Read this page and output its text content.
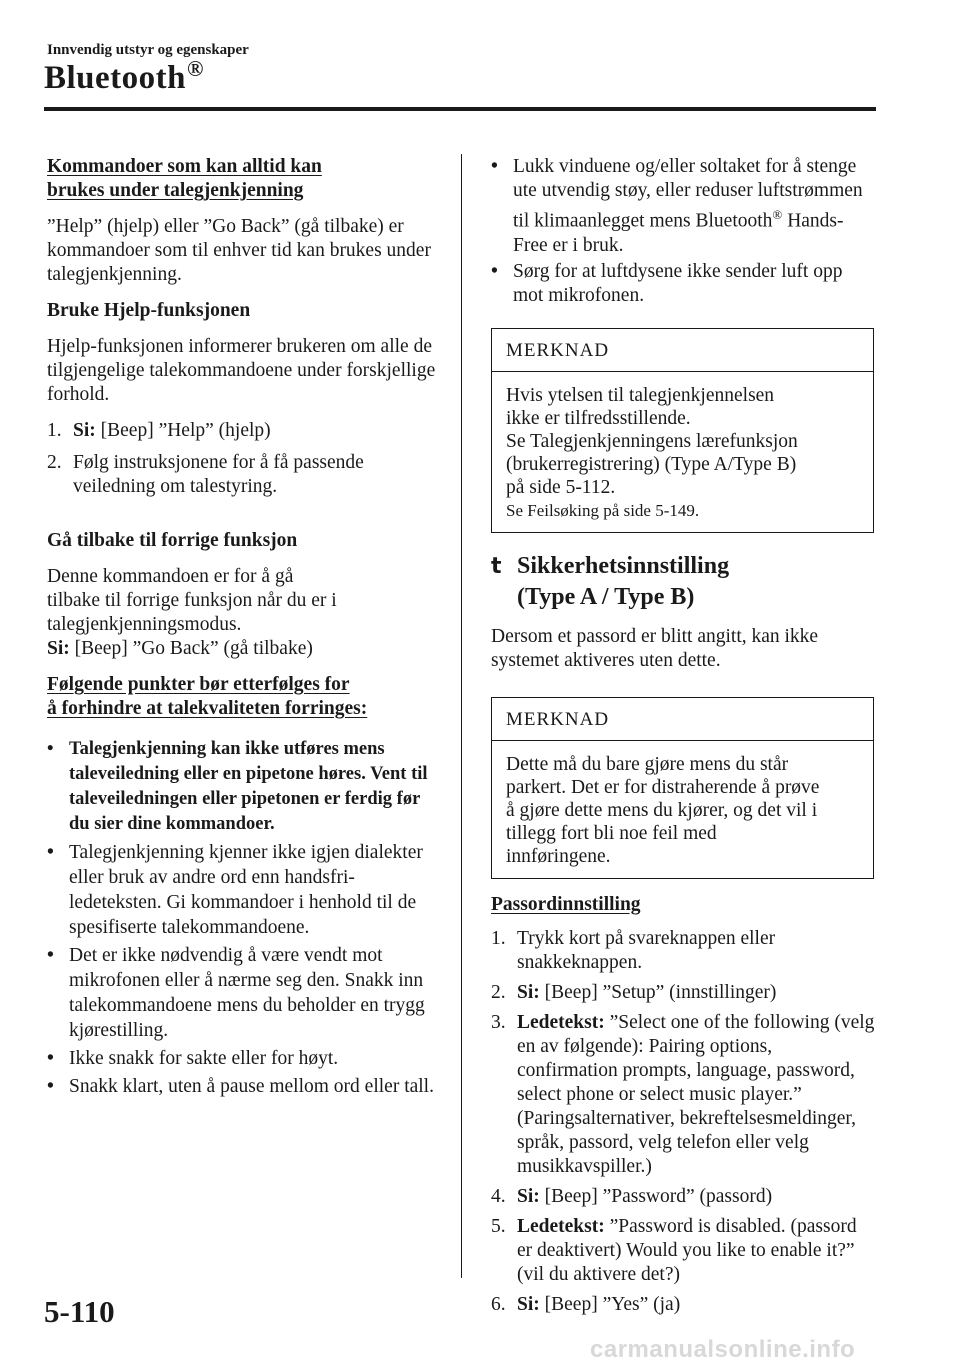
Innvendig utstyr og egenskaper
Bluetooth®

Kommandoer som kan alltid kan
brukes under talegjenkjenning

”Help” (hjelp) eller ”Go Back” (gå tilbake) er kommandoer som til enhver tid kan brukes under talegjenkjenning.

Bruke Hjelp-funksjonen

Hjelp-funksjonen informerer brukeren om alle de tilgjengelige talekommandoene under forskjellige forhold.

1. Si: [Beep] ”Help” (hjelp)
2. Følg instruksjonene for å få passende veiledning om talestyring.

Gå tilbake til forrige funksjon

Denne kommandoen er for å gå tilbake til forrige funksjon når du er i talegjenkjenningsmodus.

Si: [Beep] ”Go Back” (gå tilbake)

Følgende punkter bør etterfølges for
å forhindre at talekvaliteten forringes:

• Talegjenkjenning kan ikke utføres mens taleveiledning eller en pipetone høres. Vent til taleveiledningen eller pipetonen er ferdig før du sier dine kommandoer.
• Talegjenkjenning kjenner ikke igjen dialekter eller bruk av andre ord enn handsfri-ledeteksten. Gi kommandoer i henhold til de spesifiserte talekommandoene.
• Det er ikke nødvendig å være vendt mot mikrofonen eller å nærme seg den. Snakk inn talekommandoene mens du beholder en trygg kjørestilling.
• Ikke snakk for sakte eller for høyt.
• Snakk klart, uten å pause mellom ord eller tall.
• Lukk vinduene og/eller soltaket for å stenge ute utvendig støy, eller reduser luftstrømmen til klimaanlegget mens Bluetooth® Hands-Free er i bruk.
• Sørg for at luftdysene ikke sender luft opp mot mikrofonen.
MERKNAD
Hvis ytelsen til talegjenkjennelsen
ikke er tilfredsstillende.
Se Talegjenkjenningens lærefunksjon
(brukerregistrering) (Type A/Type B)
på side 5-112.
Se Feilsøking på side 5-149.
t Sikkerhetsinnstilling
(Type A / Type B)

Dersom et passord er blitt angitt, kan ikke systemet aktiveres uten dette.

MERKNAD
Dette må du bare gjøre mens du står parkert. Det er for distraherende å prøve å gjøre dette mens du kjører, og det vil i tillegg fort bli noe feil med innføringene.

Passordinnstilling

1. Trykk kort på svareknappen eller snakkeknappen.
2. Si: [Beep] ”Setup” (innstillinger)
3. Ledetekst: ”Select one of the following (velg en av følgende): Pairing options, confirmation prompts, language, password, select phone or select music player.” (Paringsalternativer, bekreftelsesmeldinger, språk, passord, velg telefon eller velg musikkavspiller.)
4. Si: [Beep] ”Password” (passord)
5. Ledetekst: ”Password is disabled. (passord er deaktivert) Would you like to enable it?” (vil du aktivere det?)
6. Si: [Beep] ”Yes” (ja)
5-110
carmanualsonline.info
